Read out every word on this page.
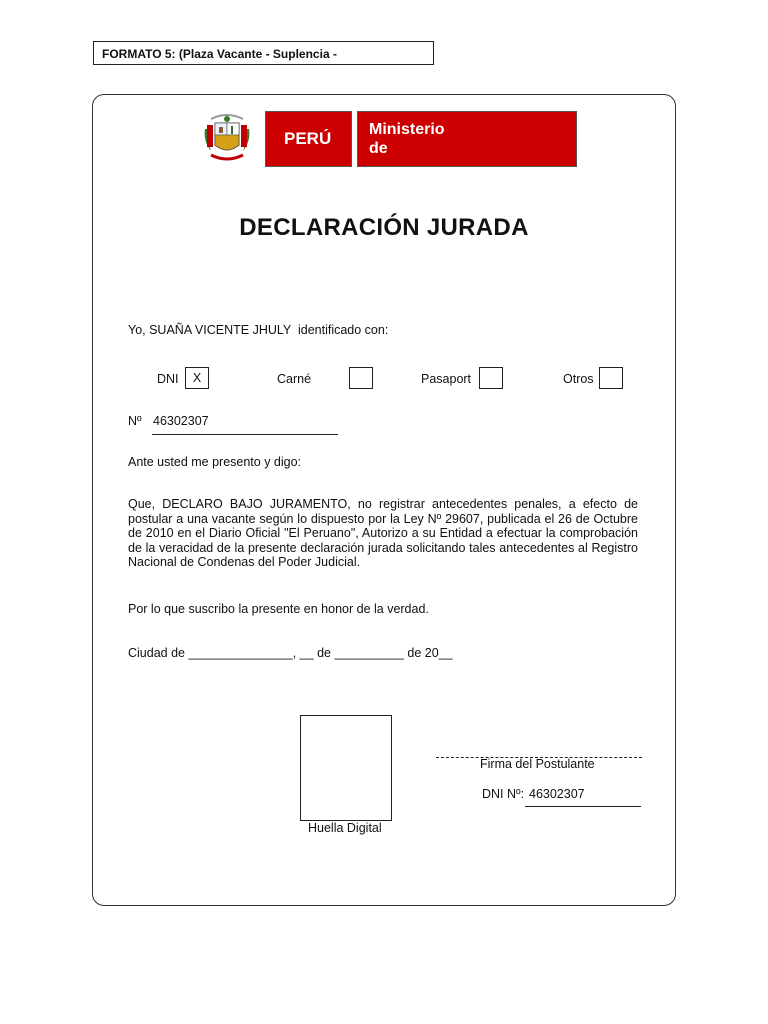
FORMATO 5: (Plaza Vacante - Suplencia -
PERÚ	Ministerio
de
DECLARACIÓN JURADA
Yo, SUAÑA VICENTE JHULY  identificado con:
DNI	X	Carné	Pasaport	Otros
Nº 46302307
Ante usted me presento y digo:
Que, DECLARO BAJO JURAMENTO, no registrar antecedentes penales, a efecto de postular a una vacante según lo dispuesto por la Ley Nº 29607, publicada el 26 de Octubre de 2010 en el Diario Oficial "El Peruano", Autorizo a su Entidad a efectuar la comprobación de la veracidad de la presente declaración jurada solicitando tales antecedentes al Registro Nacional de Condenas del Poder Judicial.
Por lo que suscribo la presente en honor de la verdad.
Ciudad de _______________, __ de __________ de 20__
Huella Digital
Firma del Postulante
DNI Nº: 46302307
